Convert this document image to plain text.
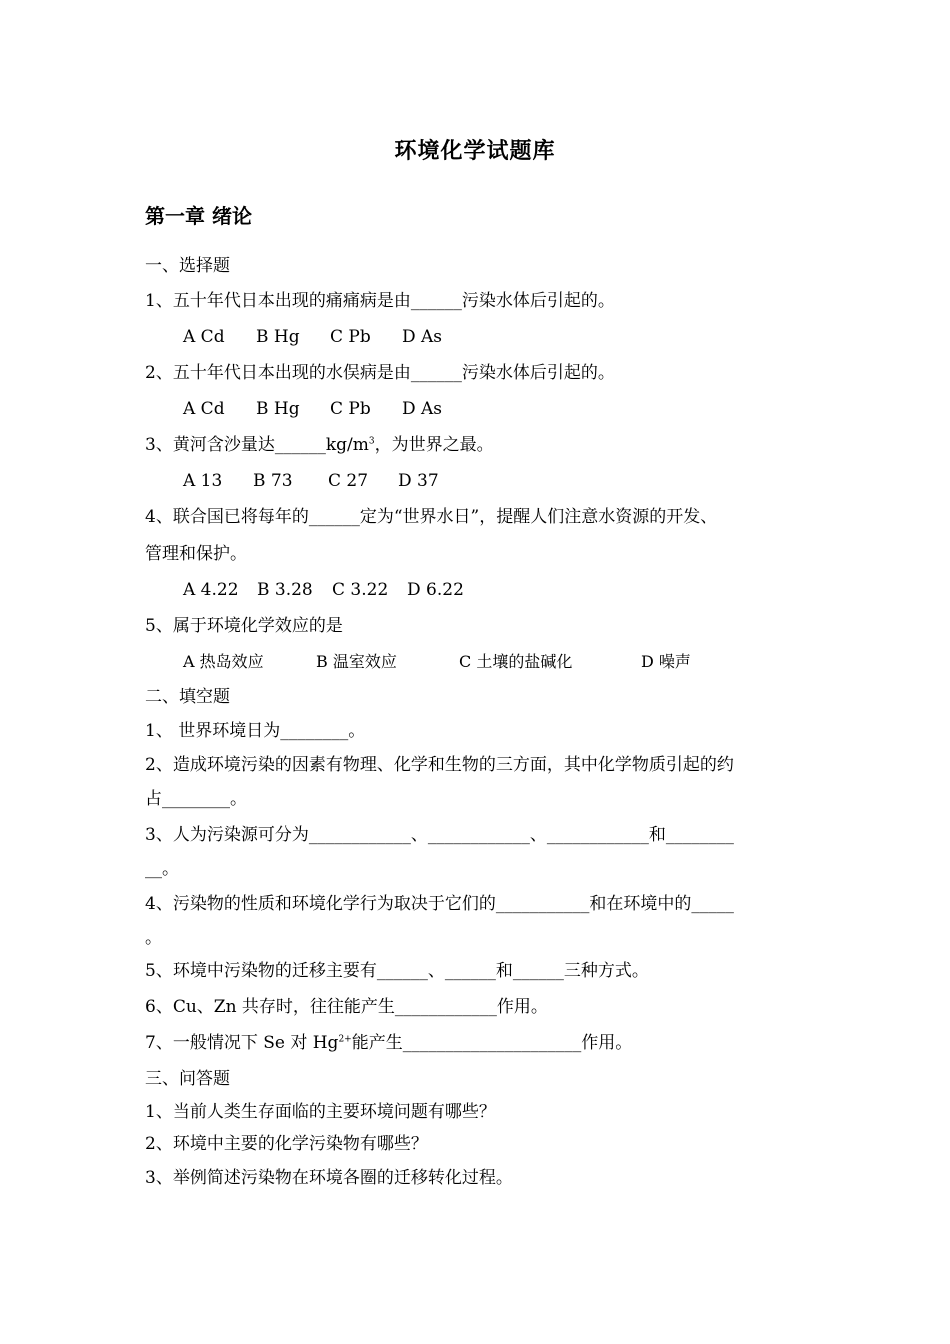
环境化学试题库
第一章 绪论
一、选择题
1、五十年代日本出现的痛痛病是由______污染水体后引起的。
A Cd B Hg C Pb D As
2、五十年代日本出现的水俣病是由______污染水体后引起的。
A Cd B Hg C Pb D As
3、黄河含沙量达$\_\_\_\_\_\_kg/m^3$，为世界之最。
A 13 B 73 C 27 D 37
4、联合国已将每年的______定为“世界水日”，提醒人们注意水资源的开发、
管理和保护。
A 4.22 B 3.28 C 3.22 D 6.22
5、属于环境化学效应的是
A 热岛效应	B 温室效应	C 土壤的盐碱化	D 噪声
二、填空题
1、 世界环境日为________。
2、造成环境污染的因素有物理、化学和生物的三方面，其中化学物质引起的约
占________。
3、人为污染源可分为____________、____________、____________和________
__。
4、污染物的性质和环境化学行为取决于它们的___________和在环境中的_____
。
5、环境中污染物的迁移主要有______、______和______三种方式。
6、Cu、Zn 共存时，往往能产生____________作用。
7、一般情况下 Se 对 $Hg^{2+}$能产生_____________________作用。
三、问答题
1、当前人类生存面临的主要环境问题有哪些？
2、环境中主要的化学污染物有哪些？
3、举例简述污染物在环境各圈的迁移转化过程。
